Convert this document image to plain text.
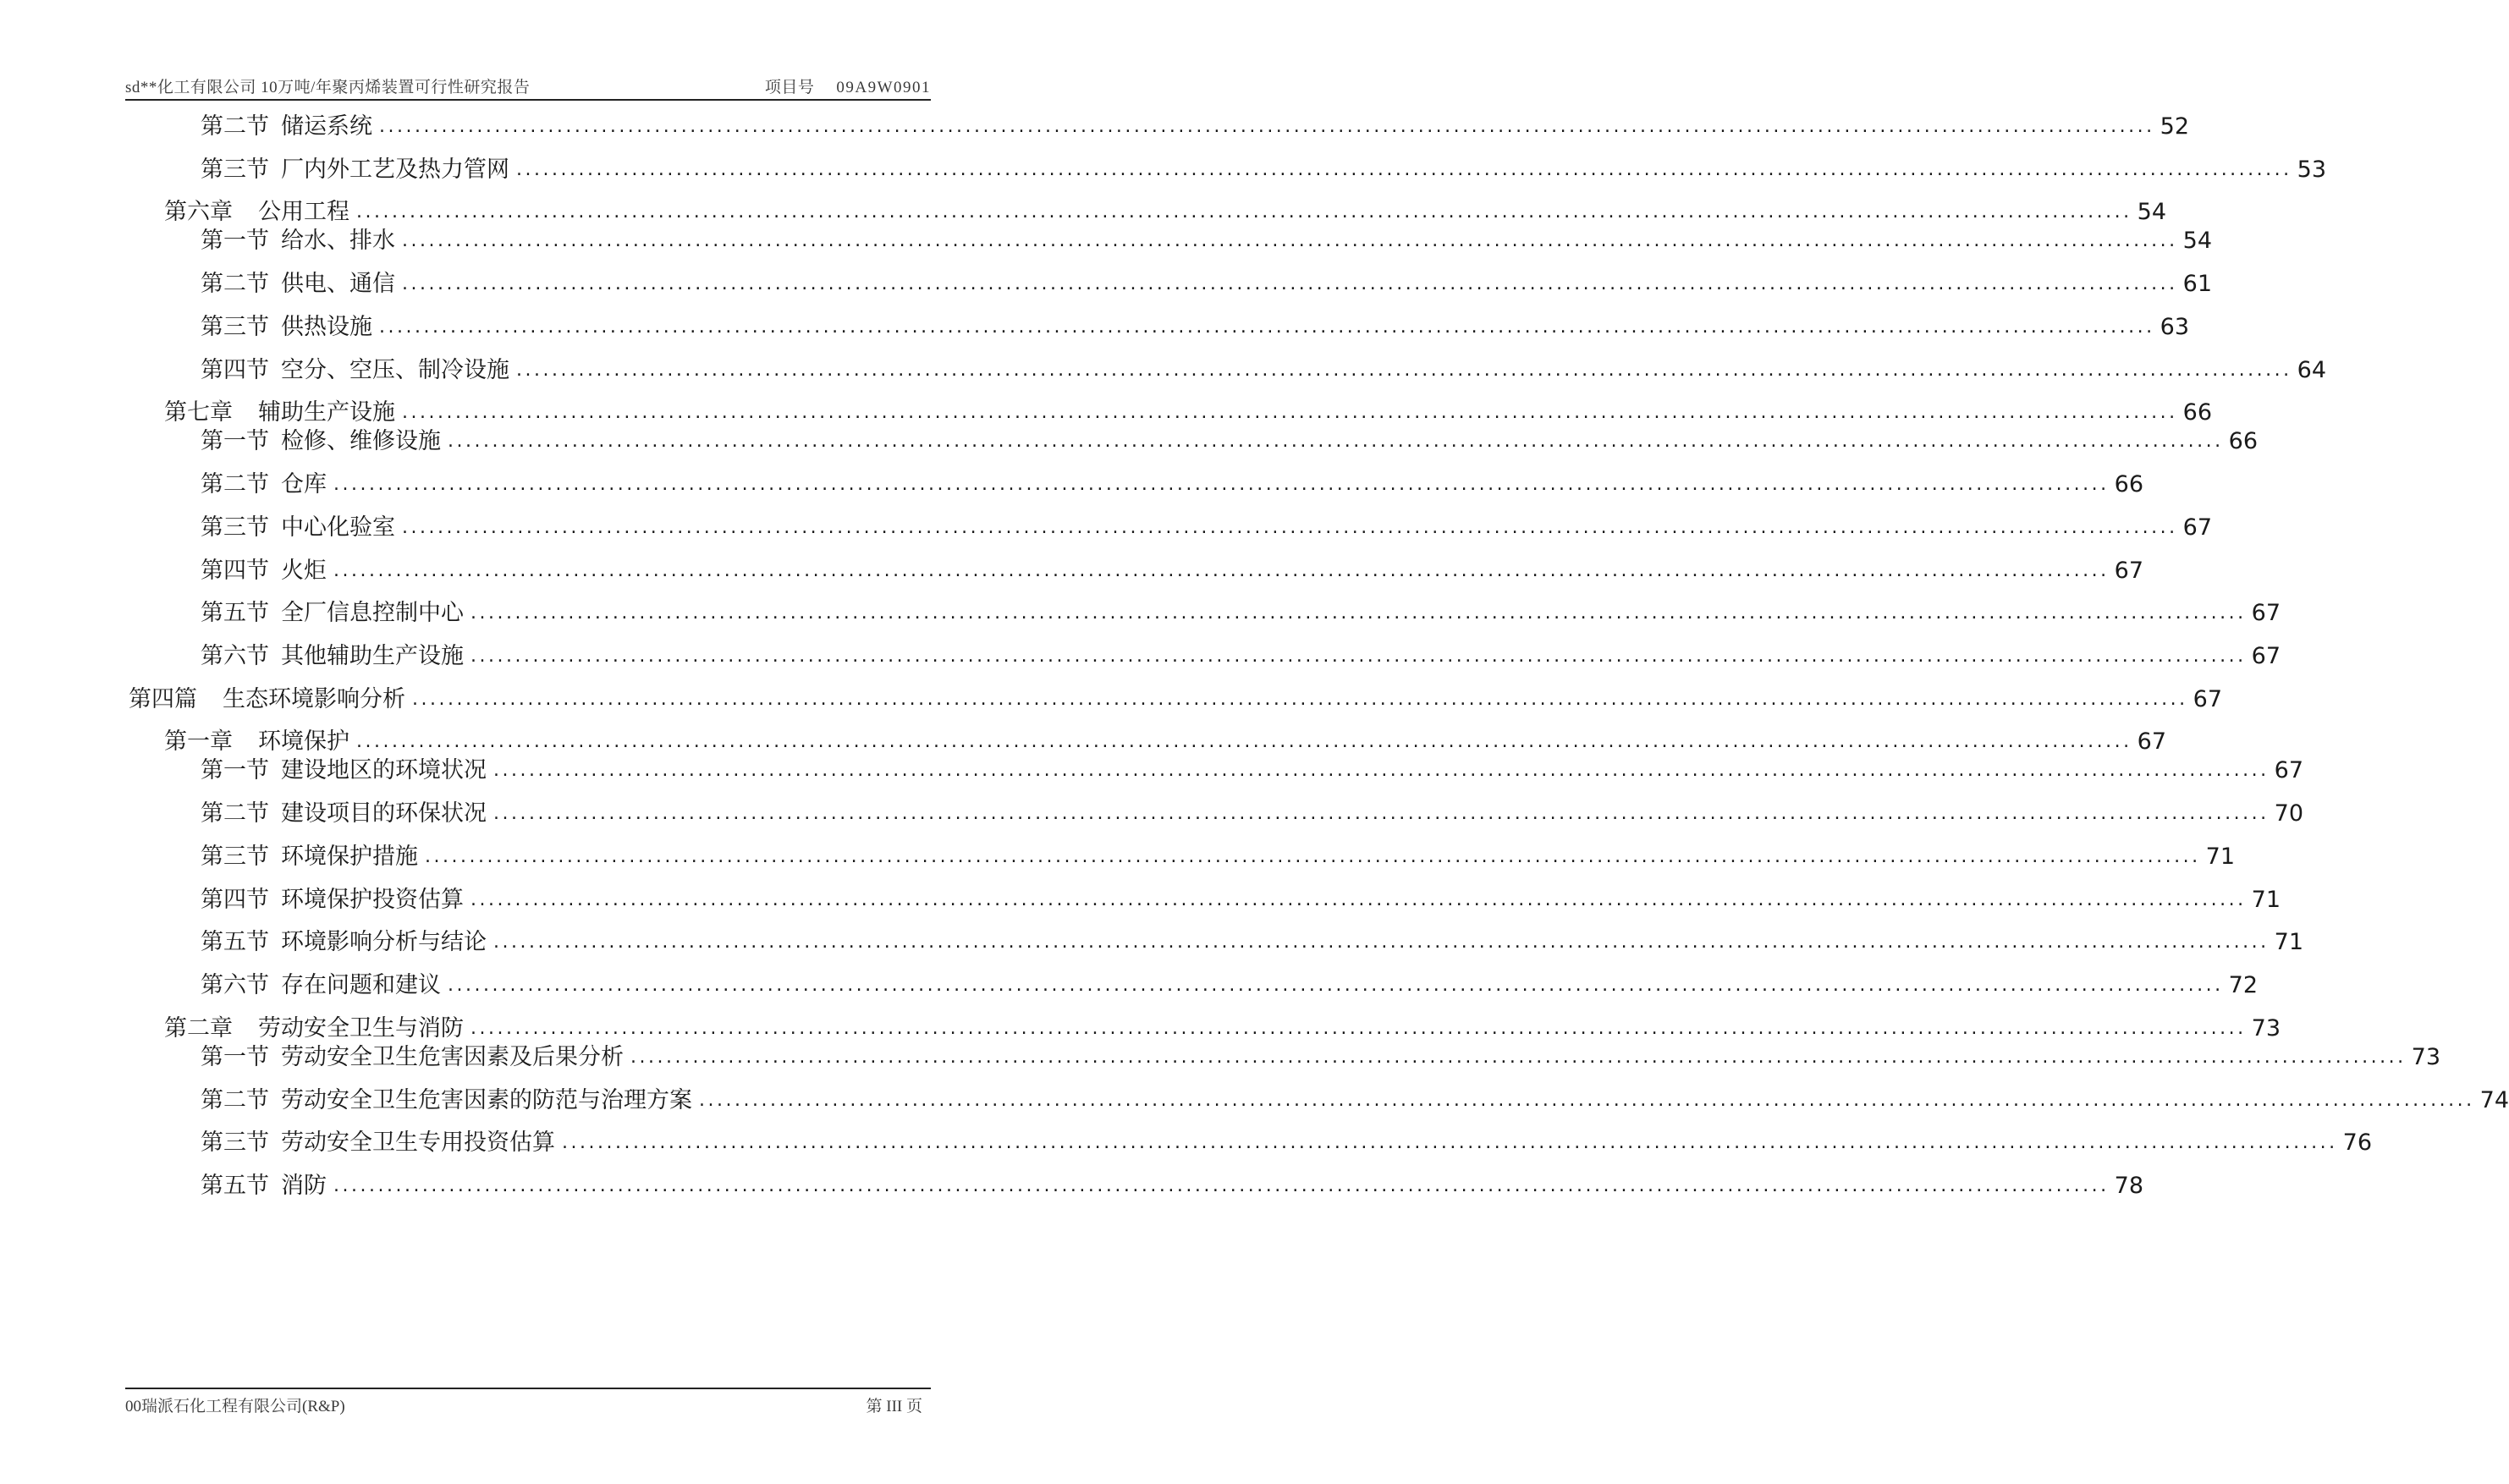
sd**化工有限公司 10万吨/年聚丙烯装置可行性研究报告	项目号 09A9W0901
第二节 储运系统 ........................................................................................................................................................................................................ 52
第三节 厂内外工艺及热力管网 ........................................................................................................................................................................................................ 53
第六章 公用工程 ........................................................................................................................................................................................................ 54
第一节 给水、排水 ........................................................................................................................................................................................................ 54
第二节 供电、通信 ........................................................................................................................................................................................................ 61
第三节 供热设施 ........................................................................................................................................................................................................ 63
第四节 空分、空压、制冷设施 ........................................................................................................................................................................................................ 64
第七章 辅助生产设施 ........................................................................................................................................................................................................ 66
第一节 检修、维修设施 ........................................................................................................................................................................................................ 66
第二节 仓库 ........................................................................................................................................................................................................ 66
第三节 中心化验室 ........................................................................................................................................................................................................ 67
第四节 火炬 ........................................................................................................................................................................................................ 67
第五节 全厂信息控制中心 ........................................................................................................................................................................................................ 67
第六节 其他辅助生产设施 ........................................................................................................................................................................................................ 67
第四篇 生态环境影响分析 ........................................................................................................................................................................................................ 67
第一章 环境保护 ........................................................................................................................................................................................................ 67
第一节 建设地区的环境状况 ........................................................................................................................................................................................................ 67
第二节 建设项目的环保状况 ........................................................................................................................................................................................................ 70
第三节 环境保护措施 ........................................................................................................................................................................................................ 71
第四节 环境保护投资估算 ........................................................................................................................................................................................................ 71
第五节 环境影响分析与结论 ........................................................................................................................................................................................................ 71
第六节 存在问题和建议 ........................................................................................................................................................................................................ 72
第二章 劳动安全卫生与消防 ........................................................................................................................................................................................................ 73
第一节 劳动安全卫生危害因素及后果分析 ........................................................................................................................................................................................................ 73
第二节 劳动安全卫生危害因素的防范与治理方案 ........................................................................................................................................................................................................ 74
第三节 劳动安全卫生专用投资估算 ........................................................................................................................................................................................................ 76
第五节 消防 ........................................................................................................................................................................................................ 78
00瑞派石化工程有限公司(R&P)	第 III 页
